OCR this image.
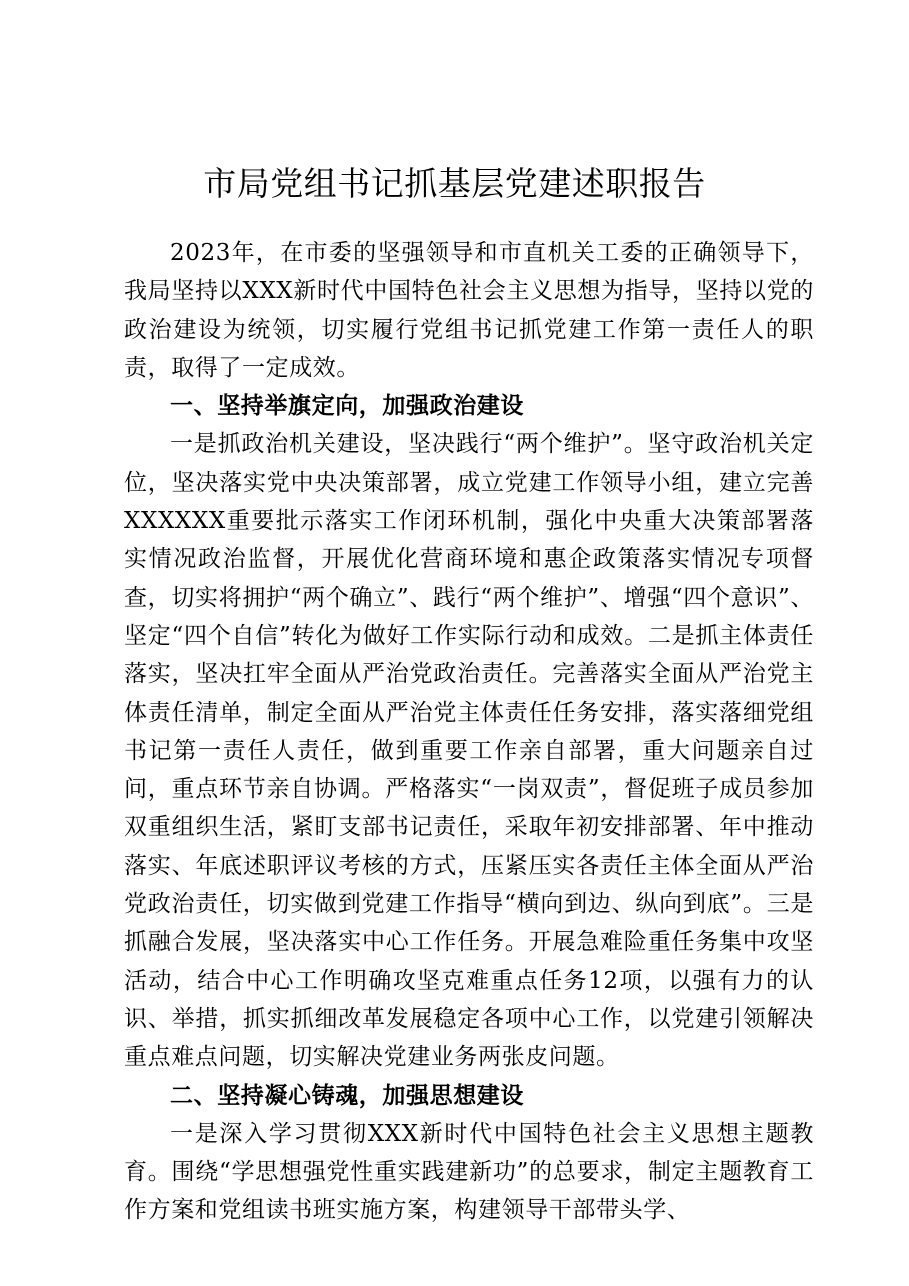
市局党组书记抓基层党建述职报告

2023年，在市委的坚强领导和市直机关工委的正确领导下，我局坚持以XXX新时代中国特色社会主义思想为指导，坚持以党的政治建设为统领，切实履行党组书记抓党建工作第一责任人的职责，取得了一定成效。

一、坚持举旗定向，加强政治建设

一是抓政治机关建设，坚决践行“两个维护”。坚守政治机关定位，坚决落实党中央决策部署，成立党建工作领导小组，建立完善XXXXXX重要批示落实工作闭环机制，强化中央重大决策部署落实情况政治监督，开展优化营商环境和惠企政策落实情况专项督查，切实将拥护“两个确立”、践行“两个维护”、增强“四个意识”、坚定“四个自信”转化为做好工作实际行动和成效。二是抓主体责任落实，坚决扛牢全面从严治党政治责任。完善落实全面从严治党主体责任清单，制定全面从严治党主体责任任务安排，落实落细党组书记第一责任人责任，做到重要工作亲自部署，重大问题亲自过问，重点环节亲自协调。严格落实“一岗双责”，督促班子成员参加双重组织生活，紧盯支部书记责任，采取年初安排部署、年中推动落实、年底述职评议考核的方式，压紧压实各责任主体全面从严治党政治责任，切实做到党建工作指导“横向到边、纵向到底”。三是抓融合发展，坚决落实中心工作任务。开展急难险重任务集中攻坚活动，结合中心工作明确攻坚克难重点任务12项，以强有力的认识、举措，抓实抓细改革发展稳定各项中心工作，以党建引领解决重点难点问题，切实解决党建业务两张皮问题。

二、坚持凝心铸魂，加强思想建设

一是深入学习贯彻XXX新时代中国特色社会主义思想主题教育。围绕“学思想强党性重实践建新功”的总要求，制定主题教育工作方案和党组读书班实施方案，构建领导干部带头学、
